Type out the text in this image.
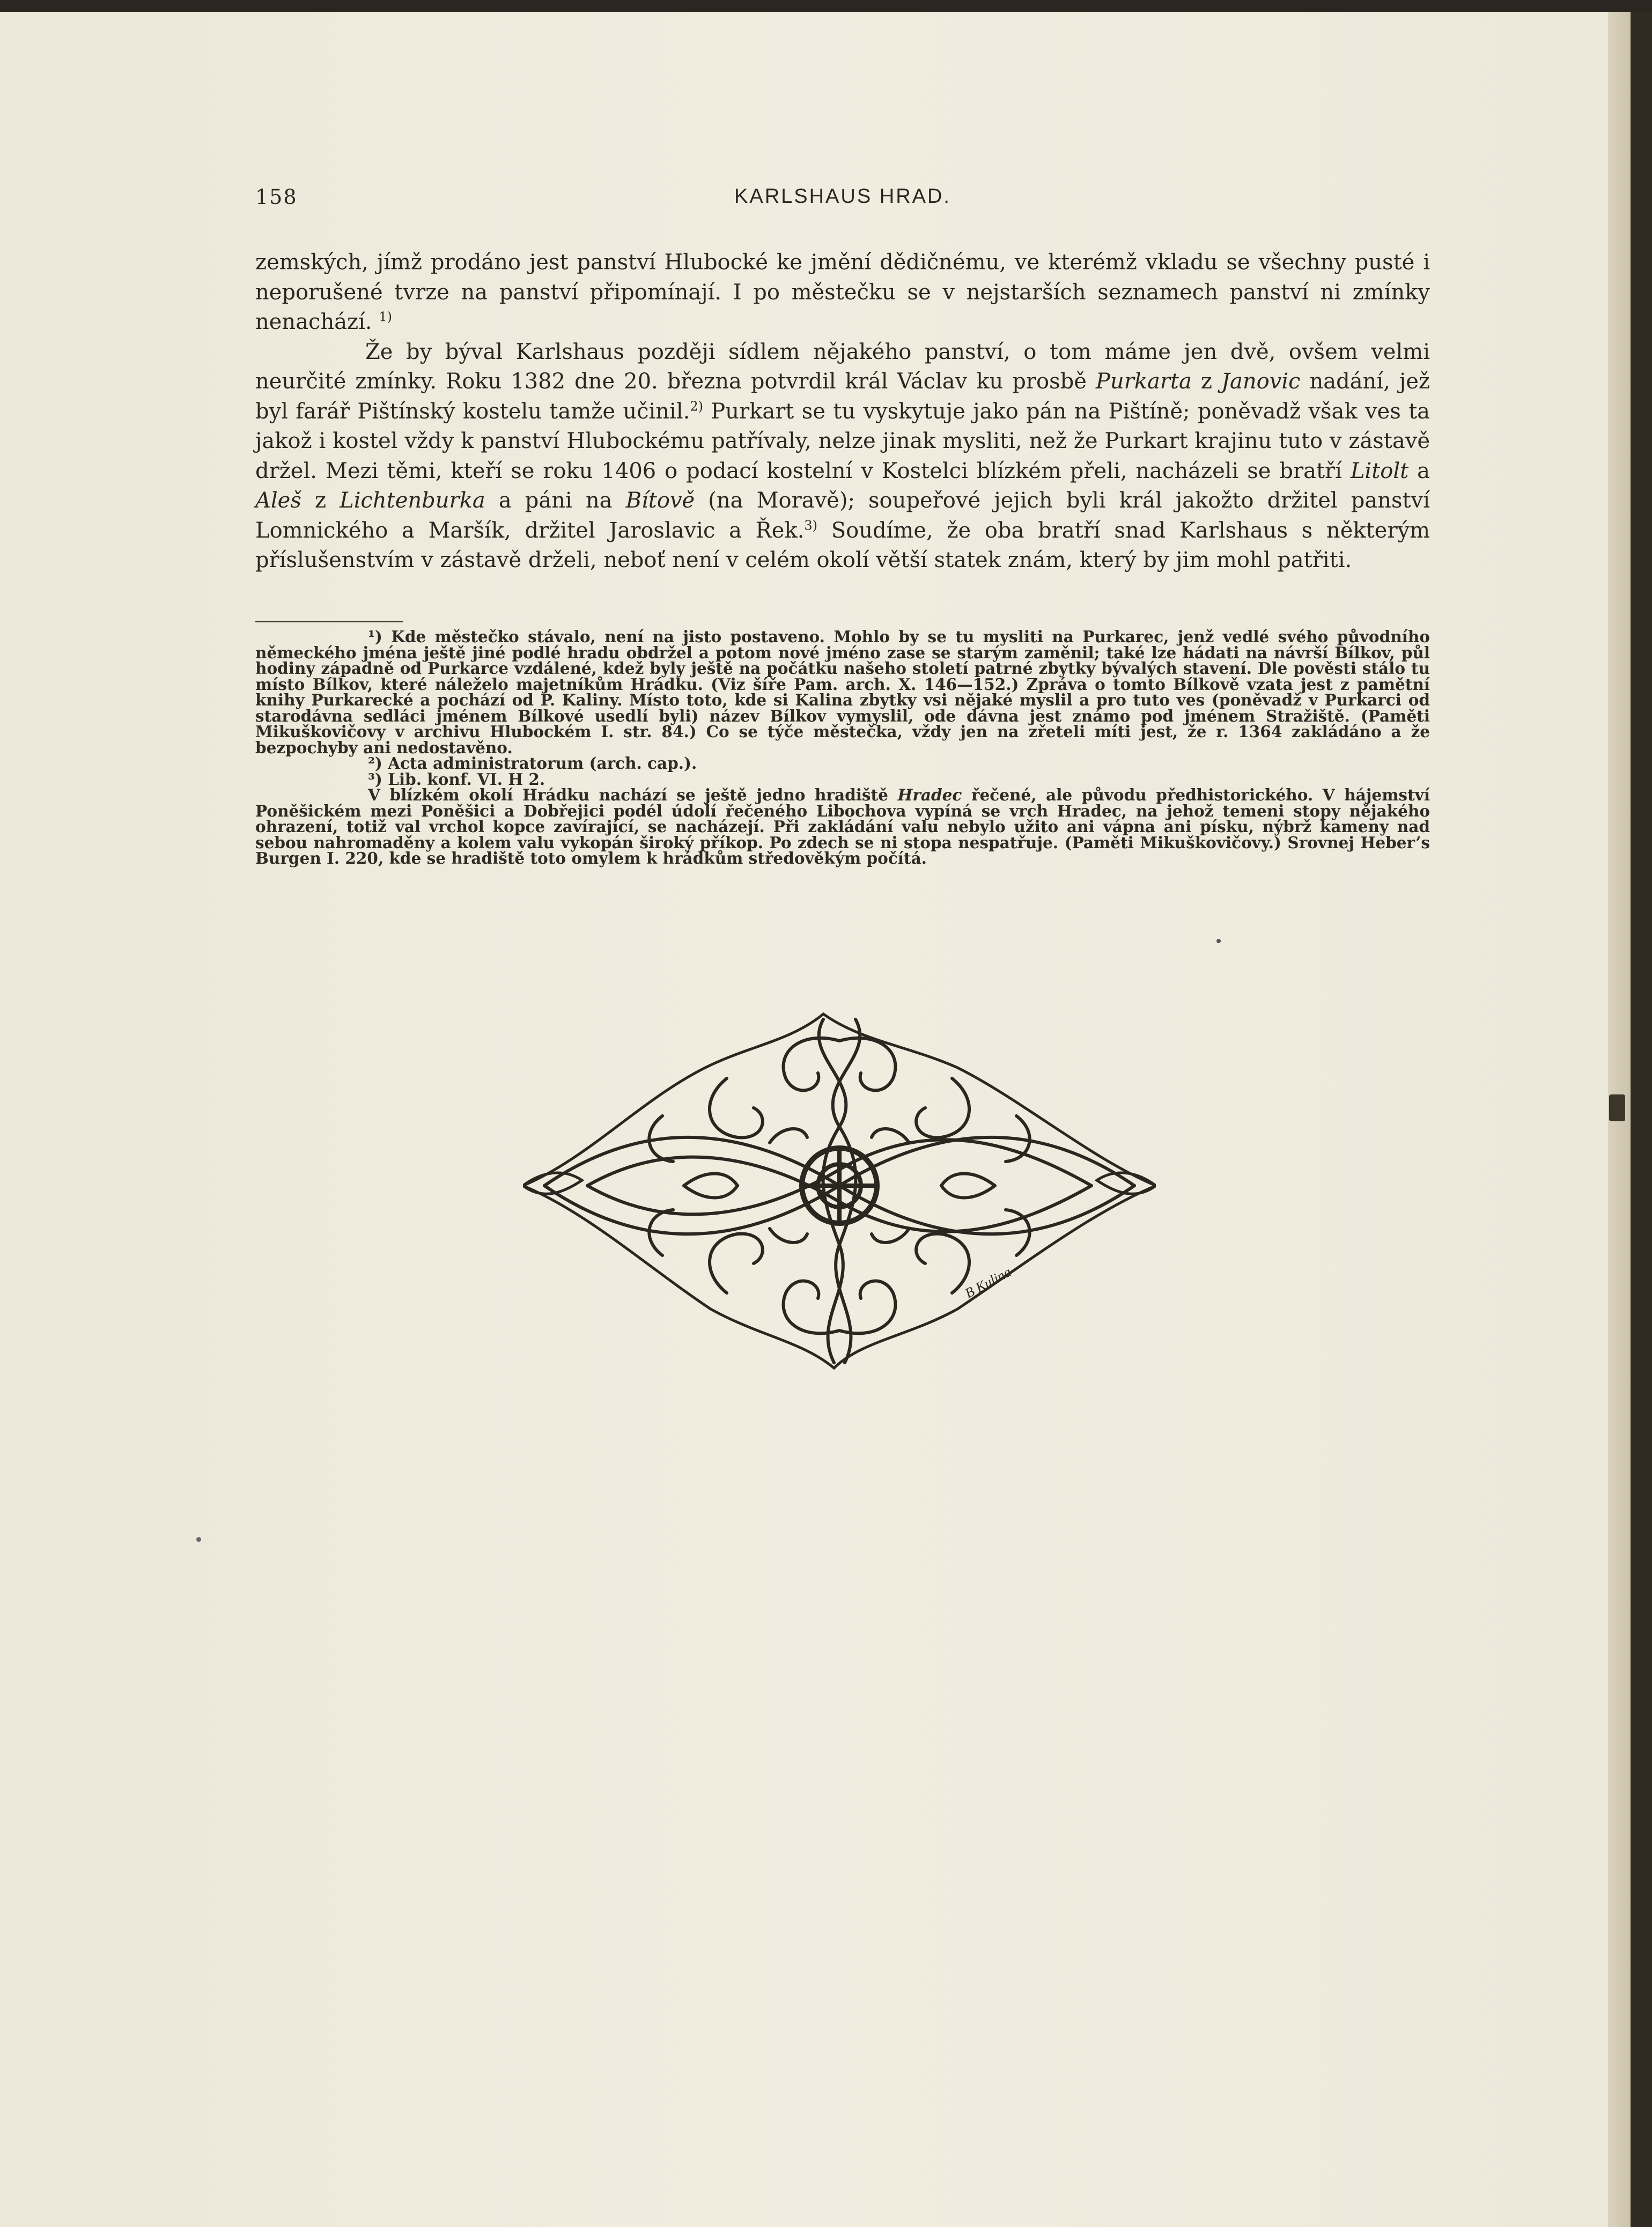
158	KARLSHAUS HRAD.

zemských, jímž prodáno jest panství Hlubocké ke jmění dědičnému, ve kterémž vkladu se všechny pusté i neporušené tvrze na panství připomínají. I po městečku se v nejstarších seznamech panství ni zmínky nenachází. $^{1)}$

Že by býval Karlshaus později sídlem nějakého panství, o tom máme jen dvě, ovšem velmi neurčité zmínky. Roku 1382 dne 20. března potvrdil král Václav ku prosbě Purkarta z Janovic nadání, jež byl farář Pištínský kostelu tamže učinil.$^{2)}$ Purkart se tu vyskytuje jako pán na Pištíně; poněvadž však ves ta jakož i kostel vždy k panství Hlubockému patřívaly, nelze jinak mysliti, než že Purkart krajinu tuto v zástavě držel. Mezi těmi, kteří se roku 1406 o podací kostelní v Kostelci blízkém přeli, nacházeli se bratří Litolt a Aleš z Lichtenburka a páni na Bítově (na Moravě); soupeřové jejich byli král jakožto držitel panství Lomnického a Maršík, držitel Jaroslavic a Řek.$^{3)}$ Soudíme, že oba bratří snad Karlshaus s některým příslušenstvím v zástavě drželi, neboť není v celém okolí větší statek znám, který by jim mohl patřiti.

¹) Kde městečko stávalo, není na jisto postaveno. Mohlo by se tu mysliti na Purkarec, jenž vedlé svého původního německého jména ještě jiné podlé hradu obdržel a potom nové jméno zase se starým zaměnil; také lze hádati na návrší Bílkov, půl hodiny západně od Purkarce vzdálené, kdež byly ještě na počátku našeho století patrné zbytky bývalých stavení. Dle pověsti stálo tu místo Bílkov, které náleželo majetníkům Hrádku. (Viz šíře Pam. arch. X. 146—152.) Zpráva o tomto Bílkově vzata jest z pamětní knihy Purkarecké a pochází od P. Kaliny. Místo toto, kde si Kalina zbytky vsi nějaké myslil a pro tuto ves (poněvadž v Purkarci od starodávna sedláci jménem Bílkové usedlí byli) název Bílkov vymyslil, ode dávna jest známo pod jménem Stražiště. (Paměti Mikuškovičovy v archivu Hlubockém I. str. 84.) Co se týče městečka, vždy jen na zřeteli míti jest, že r. 1364 zakládáno a že bezpochyby ani nedostavěno.

²) Acta administratorum (arch. cap.).

³) Lib. konf. VI. H 2.

V blízkém okolí Hrádku nachází se ještě jedno hradiště Hradec řečené, ale původu předhistorického. V hájemství Poněšickém mezi Poněšici a Dobřejici podél údolí řečeného Libochova vypíná se vrch Hradec, na jehož temeni stopy nějakého ohrazení, totiž val vrchol kopce zavírající, se nacházejí. Při zakládání valu nebylo užito ani vápna ani písku, nýbrž kameny nad sebou nahromaděny a kolem valu vykopán široký příkop. Po zdech se ni stopa nespatřuje. (Paměti Mikuškovičovy.) Srovnej Heber’s Burgen I. 220, kde se hradiště toto omylem k hrádkům středověkým počítá.

B Kulina
